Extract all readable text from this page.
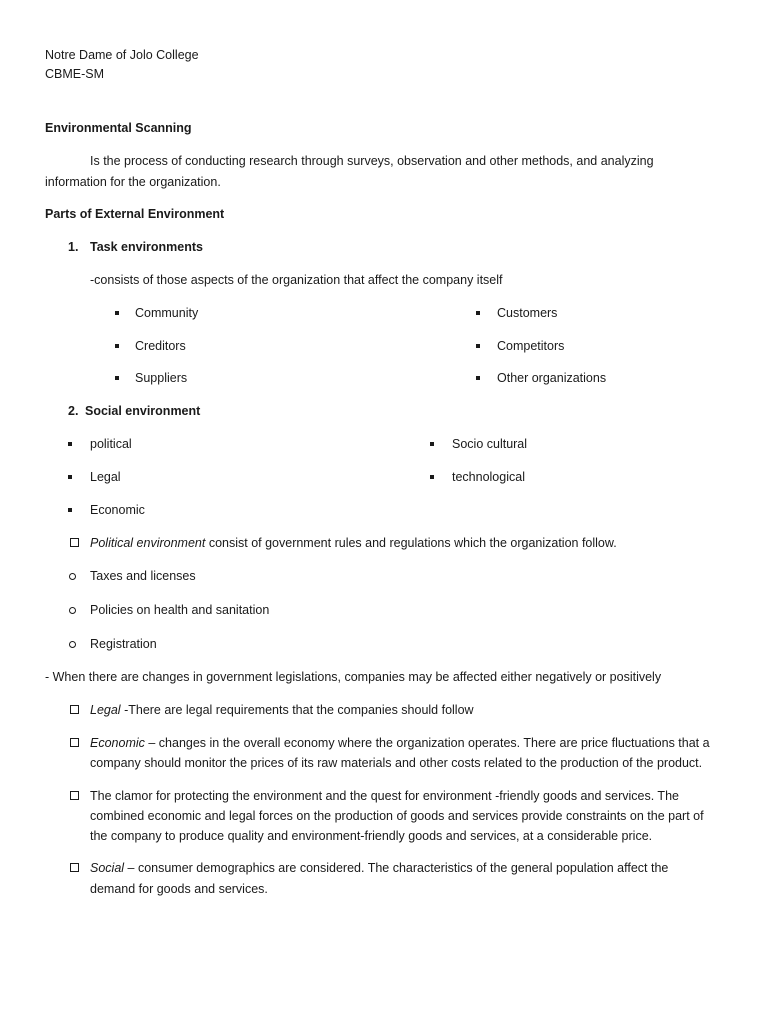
Notre Dame of Jolo College
CBME-SM
Environmental Scanning
Is the process of conducting research through surveys, observation and other methods, and analyzing
information for the organization.
Parts of External Environment
1. Task environments
-consists of those aspects of the organization that affect the company itself
Community
Creditors
Suppliers
Customers
Competitors
Other organizations
2. Social environment
political
Legal
Economic
Socio cultural
technological
Political environment consist of government rules and regulations which the organization follow.
Taxes and licenses
Policies on health and sanitation
Registration
- When there are changes in government legislations, companies may be affected either negatively or positively
Legal -There are legal requirements that the companies should follow
Economic – changes in the overall economy where the organization operates. There are price fluctuations that a
company should monitor the prices of its raw materials and other costs related to the production of the product.
The clamor for protecting the environment and the quest for environment -friendly goods and services. The
combined economic and legal forces on the production of goods and services provide constraints on the part of
the company to produce quality and environment-friendly goods and services, at a considerable price.
Social – consumer demographics are considered. The characteristics of the general population affect the
demand for goods and services.
